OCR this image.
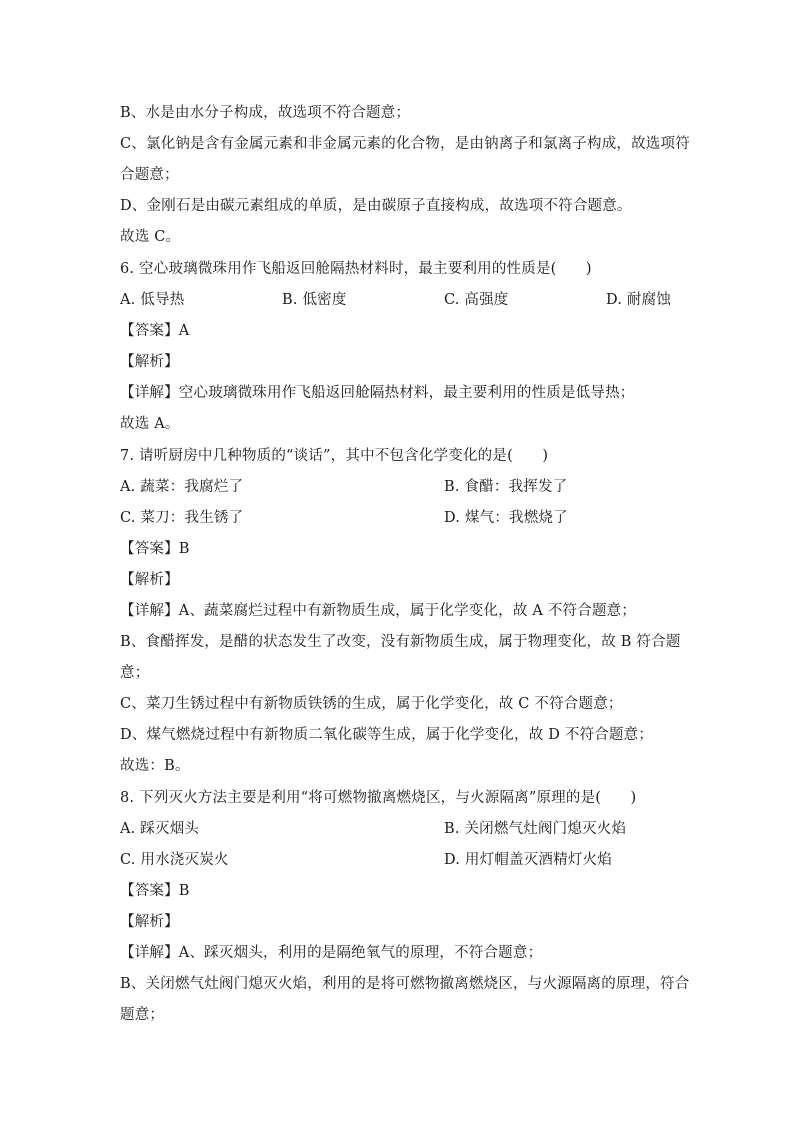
B、水是由水分子构成，故选项不符合题意；
C、氯化钠是含有金属元素和非金属元素的化合物，是由钠离子和氯离子构成，故选项符
合题意；
D、金刚石是由碳元素组成的单质，是由碳原子直接构成，故选项不符合题意。
故选 C。
6. 空心玻璃微珠用作飞船返回舱隔热材料时，最主要利用的性质是(　　)
A. 低导热	B. 低密度	C. 高强度	D. 耐腐蚀
【答案】A
【解析】
【详解】空心玻璃微珠用作飞船返回舱隔热材料，最主要利用的性质是低导热；
故选 A。
7. 请听厨房中几种物质的“谈话”，其中不包含化学变化的是(　　)
A. 蔬菜：我腐烂了	B. 食醋：我挥发了
C. 菜刀：我生锈了	D. 煤气：我燃烧了
【答案】B
【解析】
【详解】A、蔬菜腐烂过程中有新物质生成，属于化学变化，故 A 不符合题意；
B、食醋挥发，是醋的状态发生了改变，没有新物质生成，属于物理变化，故 B 符合题
意；
C、菜刀生锈过程中有新物质铁锈的生成，属于化学变化，故 C 不符合题意；
D、煤气燃烧过程中有新物质二氧化碳等生成，属于化学变化，故 D 不符合题意；
故选：B。
8. 下列灭火方法主要是利用“将可燃物撤离燃烧区，与火源隔离”原理的是(　　)
A. 踩灭烟头	B. 关闭燃气灶阀门熄灭火焰
C. 用水浇灭炭火	D. 用灯帽盖灭酒精灯火焰
【答案】B
【解析】
【详解】A、踩灭烟头，利用的是隔绝氧气的原理，不符合题意；
B、关闭燃气灶阀门熄灭火焰，利用的是将可燃物撤离燃烧区，与火源隔离的原理，符合
题意；
